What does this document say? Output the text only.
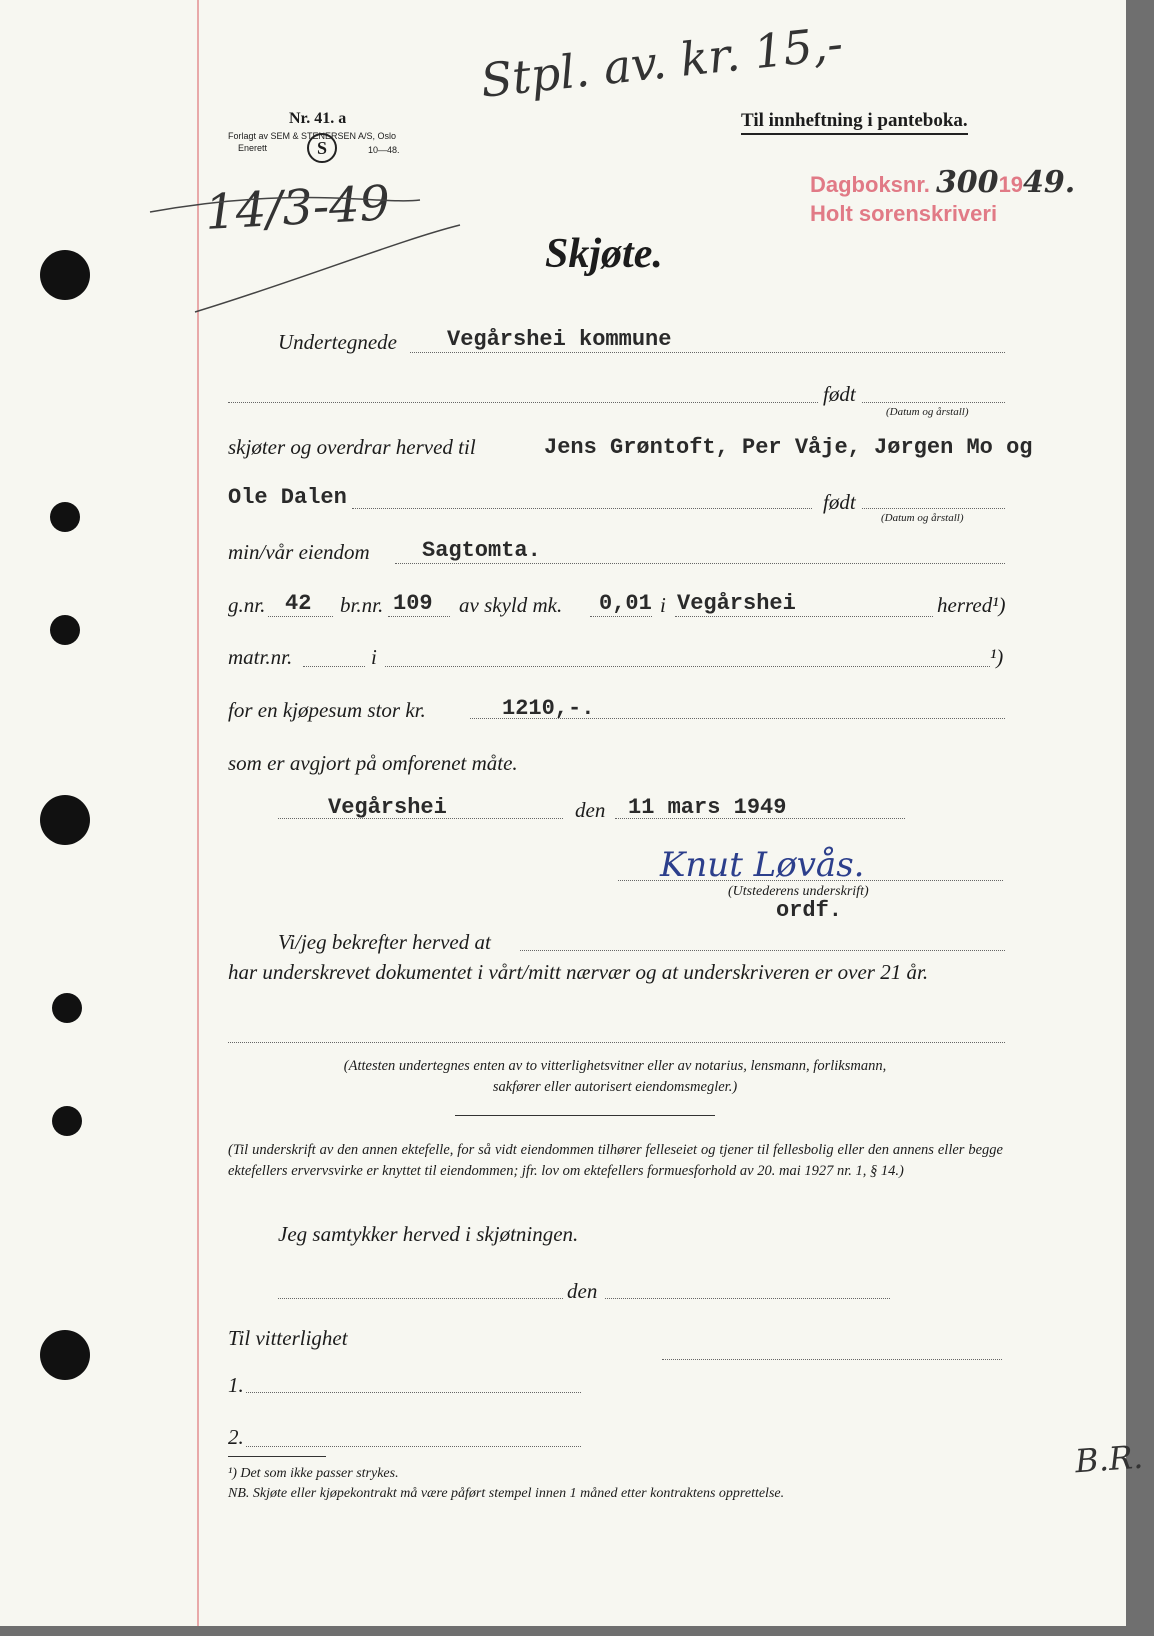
Stpl. av. kr. 15,-
Nr. 41. a
Forlagt av SEM & STENERSEN A/S, Oslo
Enerett	S	10—48.
Til innheftning i panteboka.
14/3-49	Dagboksnr. 3001949.
Holt sorenskriveri
Skjøte.
Undertegnede Vegårshei kommune
født
(Datum og årstall)
skjøter og overdrar herved til	Jens Grøntoft, Per Våje, Jørgen Mo og
Ole Dalen	født
(Datum og årstall)
min/vår eiendom Sagtomta.
g.nr. 42 br.nr. 109 av skyld mk. 0,01 i Vegårshei	herred¹)
matr.nr.	i	¹)
for en kjøpesum stor kr.	1210,-.
som er avgjort på omforenet måte.
Vegårshei	den 11 mars 1949
Knut Løvås.
(Utstederens underskrift)
ordf.
Vi/jeg bekrefter herved at
har underskrevet dokumentet i vårt/mitt nærvær og at underskriveren er over 21 år.
(Attesten undertegnes enten av to vitterlighetsvitner eller av notarius, lensmann, forliksmann, sakfører eller autorisert eiendomsmegler.)
(Til underskrift av den annen ektefelle, for så vidt eiendommen tilhører felleseiet og tjener til fellesbolig eller den annens eller begge ektefellers ervervsvirke er knyttet til eiendommen; jfr. lov om ektefellers formuesforhold av 20. mai 1927 nr. 1, § 14.)
Jeg samtykker herved i skjøtningen.
den
Til vitterlighet
1.
2.
¹) Det som ikke passer strykes.
NB. Skjøte eller kjøpekontrakt må være påført stempel innen 1 måned etter kontraktens opprettelse.
B.R.
